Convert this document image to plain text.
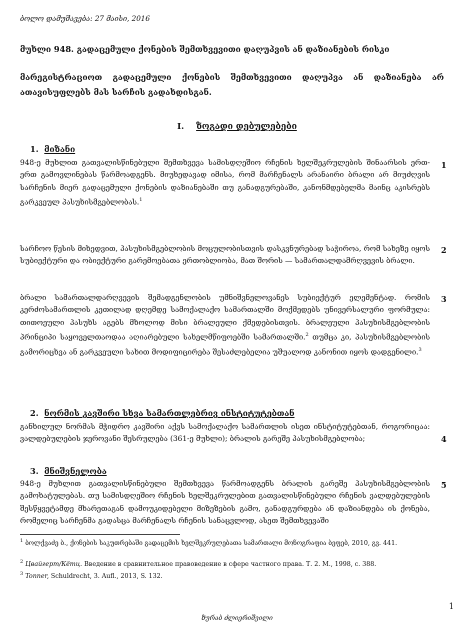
ბოლო დამუშავება: 27 მაისი, 2016
მუხლი 948. გადაცემული ქონების შემთხვევითი დაღუპვის ან დაზიანების რისკი
მარეგისტრაციოთ გადაცემული ქონების შემთხვევითი დაღუპვა ან დაზიანება არ ათავისუფლებს მას სარჩის გადახდისგან.
I. ზოგადი დებულებები
1. მიზანი
948-ე მუხლით გათვალისწინებული შემთხვევა სამისდღეშიო რჩენის ხელშეკრულების შინაარსის ერთ-ერთ გამოვლინებას წარმოადგენს. მიუხედავად იმისა, რომ მარჩენალს არანაირი ბრალი არ მიუძღვის სარჩენის მიერ გადაცემული ქონების დაზიანებაში თუ განადგურებაში, კანონმდებელმა მაინც აკისრებს გარკვეულ პასუხისმგებლობას.$^1$
1
სარჩოო წესის მიხედვით, პასუხისმგებლობის მოცულობისთვის დასკვნურებად საჭიროა, რომ სახეზე იყოს სუბიექტური და ობიექტური გარემოებათა ერთობლიობა, მათ შორის — სამართალდამრღვევის ბრალი.
2
ბრალი სამართალდარღვევის შემადგენლობის უმნიშვნელოვანეს სუბიექტურ ელემენტად. რომის კერძოსამართლის კეთილად დღემდე სამოქალაქო სამართალში მოქმედებს უნივერსალური ფორმულა: თითოეული პასუხს აგებს მხოლოდ მისი ბრალეული ქმედებისთვის. ბრალეული პასუხისმგებლობის პრინციპი საყოველთაოდაა აღიარებული სახელმწიფოებში სამართალში.$^2$ თუმცა კი, პასუხისმგებლობის გამორიცხვა ან გარკვეული სახით მოდიფიცირება შესაძლებელია უშუალოდ კანონით იყოს დადგენილი.$^3$
3
2. ნორმის კავშირი სხვა სამართლებრივ ინსტიტუტებთან
განხილულ ნორმას მჭიდრო კავშირი აქვს სამოქალაქო სამართლის ისეთ ინსტიტუტებთან, როგორიცაა: ვალდებულების ჯეროვანი შესრულება (361-ე მუხლი); ბრალის გარეშე პასუხისმგებლობა;	4
3. მნიშვნელობა
948-ე მუხლით გათვალისწინებული შემთხვევა წარმოადგენს ბრალის გარეშე პასუხისმგებლობის გამოხატულებას. თუ სამისდღეშიო რჩენის ხელშეკრულებით გათვალისწინებული რჩენის ვალდებულების შესწყვეტამდე მხარეთაგან დამოუკიდებელი მიზეზების გამო, განადგურდება ან დაზიანდება ის ქონება, რომელიც სარჩენმა გადასცა მარჩენალს რჩენის სანაცვლოდ, ასეთ შემთხვევაში
5
$^1$ ბოლქვაძე ბ., ქონების საკუთრებაში გადაცემის ხელშეკრულებათა სამართალი მონოგრაფია ბეფებ, 2010, გვ. 441.
$^2$ Цвайгерт/Кётц. Введение в сравнительное правоведение в сфере частного права. Т. 2. М., 1998, с. 388.
$^3$ Tonner, Schuldrecht, 3. Aufl., 2013, S. 132.
1
ზურაბ ძლიერიშვილი
